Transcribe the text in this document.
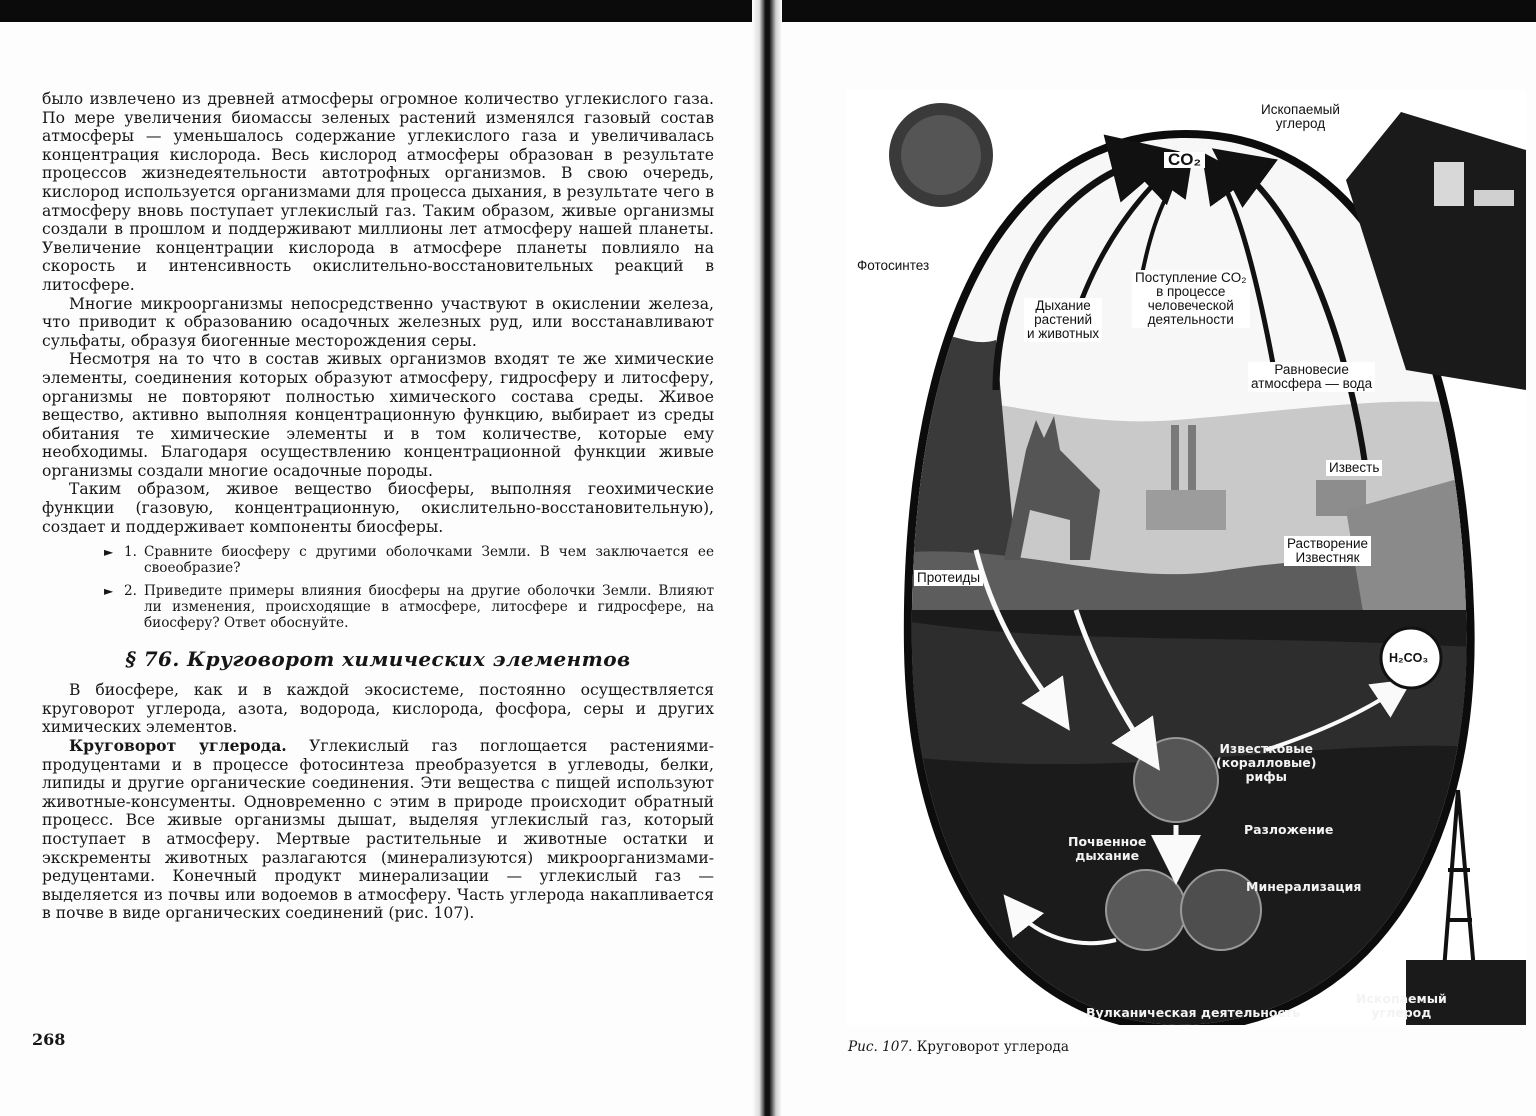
было извлечено из древней атмосферы огромное количество углекислого газа. По мере увеличения биомассы зеленых растений изменялся газовый состав атмосферы — уменьшалось содержание углекислого газа и увеличивалась концентрация кислорода. Весь кислород атмосферы образован в результате процессов жизнедеятельности автотрофных организмов. В свою очередь, кислород используется организмами для процесса дыхания, в результате чего в атмосферу вновь поступает углекислый газ. Таким образом, живые организмы создали в прошлом и поддерживают миллионы лет атмосферу нашей планеты. Увеличение концентрации кислорода в атмосфере планеты повлияло на скорость и интенсивность окислительно-восстановительных реакций в литосфере.

Многие микроорганизмы непосредственно участвуют в окислении железа, что приводит к образованию осадочных железных руд, или восстанавливают сульфаты, образуя биогенные месторождения серы.

Несмотря на то что в состав живых организмов входят те же химические элементы, соединения которых образуют атмосферу, гидросферу и литосферу, организмы не повторяют полностью химического состава среды. Живое вещество, активно выполняя концентрационную функцию, выбирает из среды обитания те химические элементы и в том количестве, которые ему необходимы. Благодаря осуществлению концентрационной функции живые организмы создали многие осадочные породы.

Таким образом, живое вещество биосферы, выполняя геохимические функции (газовую, концентрационную, окислительно-восстановительную), создает и поддерживает компоненты биосферы.

► 1. Сравните биосферу с другими оболочками Земли. В чем заключается ее своеобразие?
► 2. Приведите примеры влияния биосферы на другие оболочки Земли. Влияют ли изменения, происходящие в атмосфере, литосфере и гидросфере, на биосферу? Ответ обоснуйте.
§ 76. Круговорот химических элементов

В биосфере, как и в каждой экосистеме, постоянно осуществляется круговорот углерода, азота, водорода, кислорода, фосфора, серы и других химических элементов.

Круговорот углерода. Углекислый газ поглощается растениями-продуцентами и в процессе фотосинтеза преобразуется в углеводы, белки, липиды и другие органические соединения. Эти вещества с пищей используют животные-консументы. Одновременно с этим в природе происходит обратный процесс. Все живые организмы дышат, выделяя углекислый газ, который поступает в атмосферу. Мертвые растительные и животные остатки и экскременты животных разлагаются (минерализуются) микроорганизмами-редуцентами. Конечный продукт минерализации — углекислый газ — выделяется из почвы или водоемов в атмосферу. Часть углерода накапливается в почве в виде органических соединений (рис. 107).

268
CO₂
Ископаемый
углерод
Фотосинтез
Дыхание
растений
и животных
Поступление CO₂
в процессе
человеческой
деятельности
Равновесие
атмосфера — вода
Известь
Растворение
Известняк
Протеиды
H₂CO₃
Известковые
(коралловые)
рифы
Разложение
Почвенное
дыхание
Минерализация
Ископаемый
углерод
Вулканическая деятельность
Рис. 107. Круговорот углерода
